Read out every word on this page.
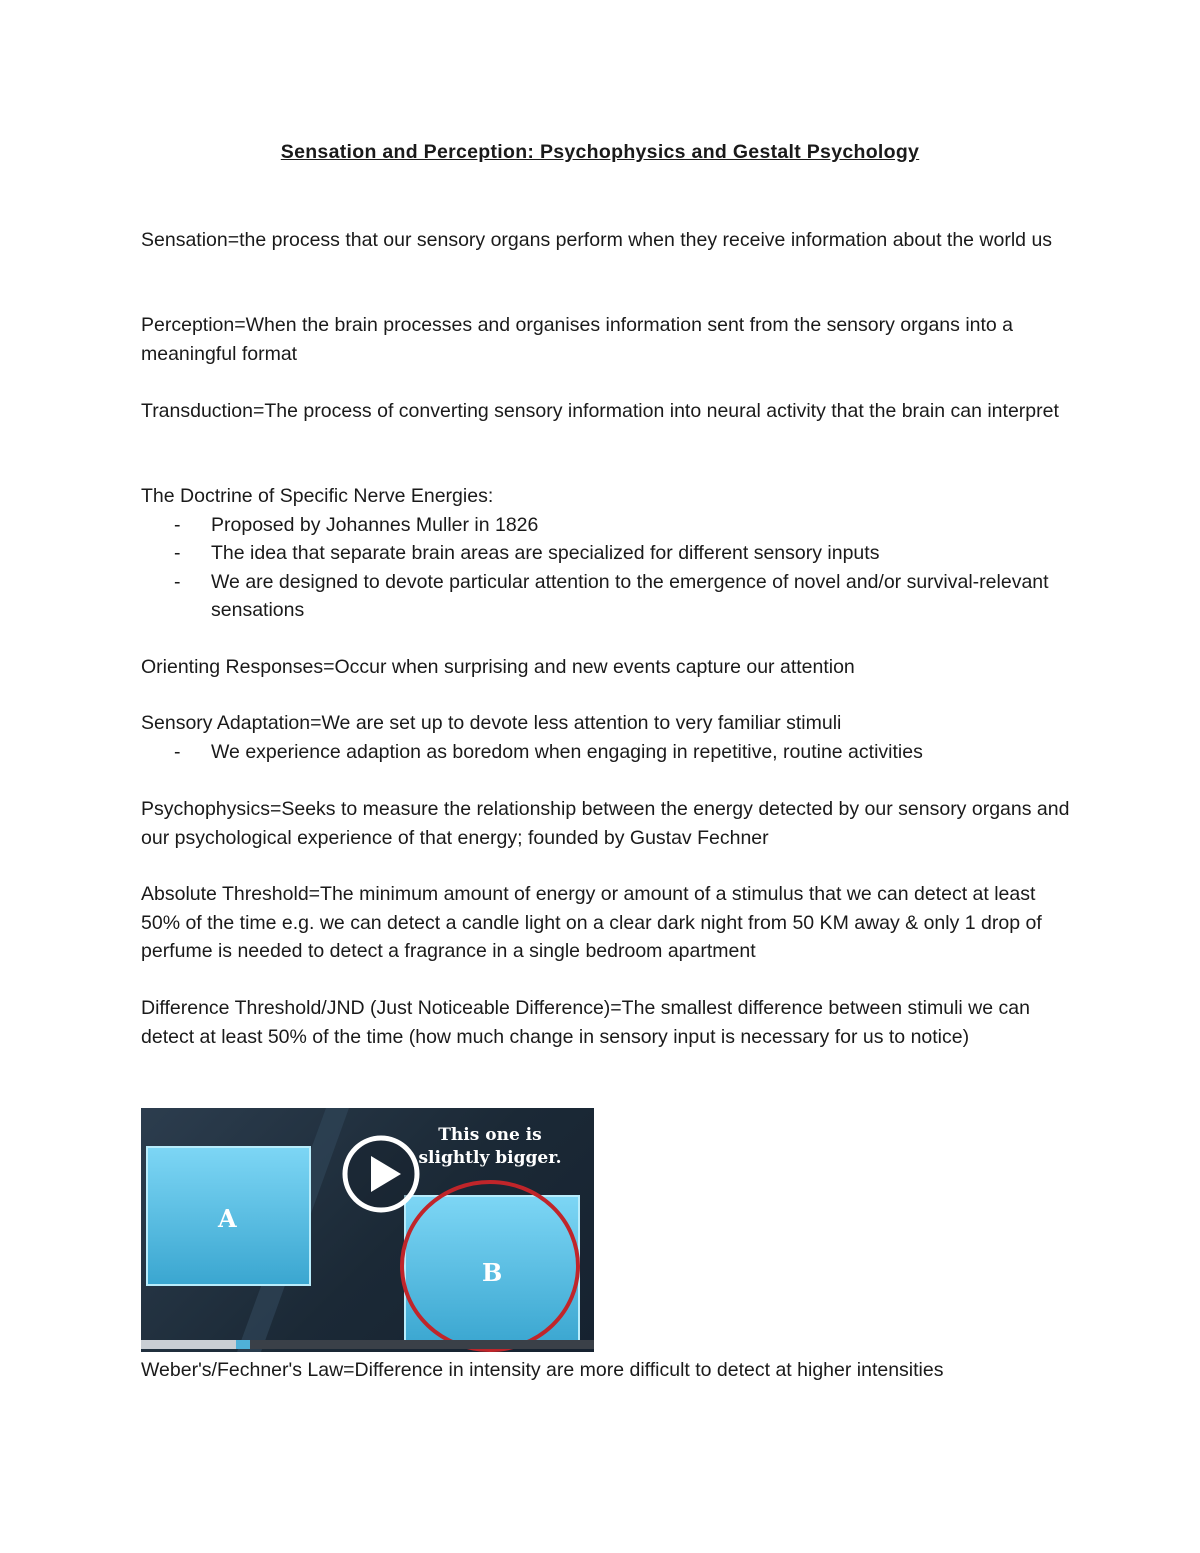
Sensation and Perception: Psychophysics and Gestalt Psychology

Sensation=the process that our sensory organs perform when they receive information about the world us

Perception=When the brain processes and organises information sent from the sensory organs into a meaningful format

Transduction=The process of converting sensory information into neural activity that the brain can interpret

The Doctrine of Specific Nerve Energies:
- Proposed by Johannes Muller in 1826
- The idea that separate brain areas are specialized for different sensory inputs
- We are designed to devote particular attention to the emergence of novel and/or survival-relevant sensations

Orienting Responses=Occur when surprising and new events capture our attention

Sensory Adaptation=We are set up to devote less attention to very familiar stimuli
- We experience adaption as boredom when engaging in repetitive, routine activities

Psychophysics=Seeks to measure the relationship between the energy detected by our sensory organs and our psychological experience of that energy; founded by Gustav Fechner

Absolute Threshold=The minimum amount of energy or amount of a stimulus that we can detect at least 50% of the time e.g. we can detect a candle light on a clear dark night from 50 KM away & only 1 drop of perfume is needed to detect a fragrance in a single bedroom apartment

Difference Threshold/JND (Just Noticeable Difference)=The smallest difference between stimuli we can detect at least 50% of the time (how much change in sensory input is necessary for us to notice)

This one is slightly bigger.
A
B

Weber's/Fechner's Law=Difference in intensity are more difficult to detect at higher intensities
